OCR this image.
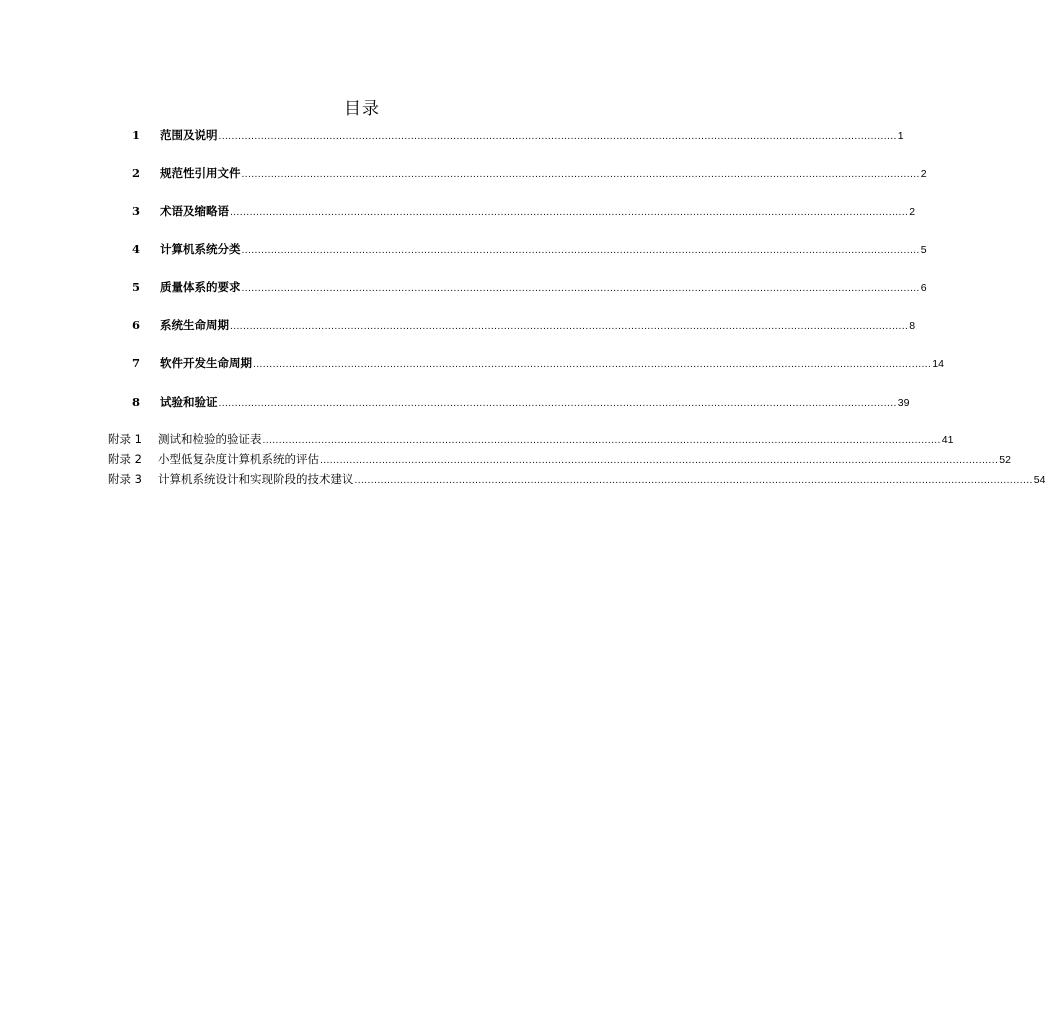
目录
1	范围及说明 ................................................................................................................................................................................................................ 1
2	规范性引用文件 ................................................................................................................................................................................................................ 2
3	术语及缩略语 ................................................................................................................................................................................................................ 2
4	计算机系统分类 ................................................................................................................................................................................................................ 5
5	质量体系的要求 ................................................................................................................................................................................................................ 6
6	系统生命周期 ................................................................................................................................................................................................................ 8
7	软件开发生命周期 ................................................................................................................................................................................................................ 14
8	试验和验证 ................................................................................................................................................................................................................ 39
附录 1	测试和检验的验证表 ................................................................................................................................................................................................................ 41
附录 2	小型低复杂度计算机系统的评估 ................................................................................................................................................................................................................ 52
附录 3	计算机系统设计和实现阶段的技术建议 ................................................................................................................................................................................................................ 54
